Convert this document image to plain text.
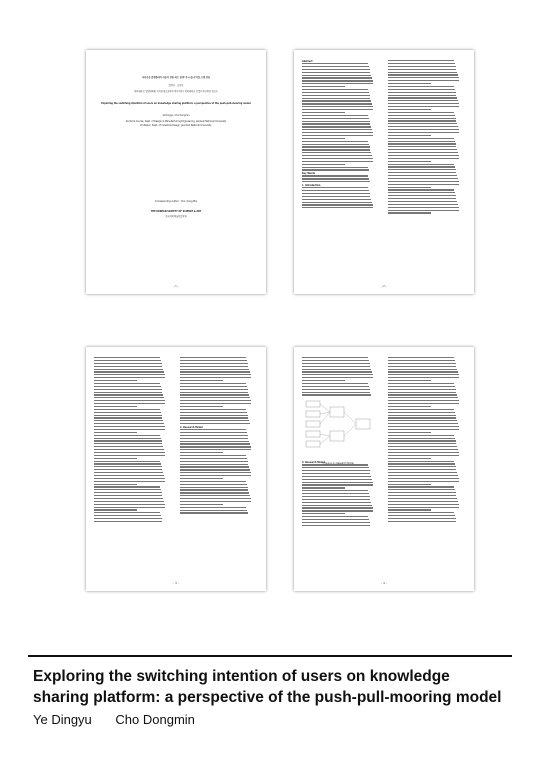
지식공유 플랫폼에서 사용자 전환 의도 탐색: 푸시-풀-무어링 모델 관점
엽정우 · 조동민
전북대학교 일반대학원 디자인제조공학과 박사과정 / 전북대학교 산업디자인학과 정교수
Exploring the switching intention of users on knowledge sharing platform: a perspective of the push-pull-mooring model
Ye Dingyu, Cho Dongmin
Doctoral Course, Dept. of Design & Manufacturing Engineering, Jeonbuk National University
Professor, Dept. of Industrial Design, Jeonbuk National University
Corresponding Author : Cho, Dong-Min
THE KOREAN SOCIETY OF SCIENCE & ART
한국과학예술융합학회
- 1 -
Abstract
Key Words
1. Introduction
- 2 -
2. Research Model
- 3 -
<Figure>1> Research Model
3. Research Model
- 4 -
Exploring the switching intention of users on knowledge sharing platform: a perspective of the push-pull-mooring model
Ye Dingyu Cho Dongmin
